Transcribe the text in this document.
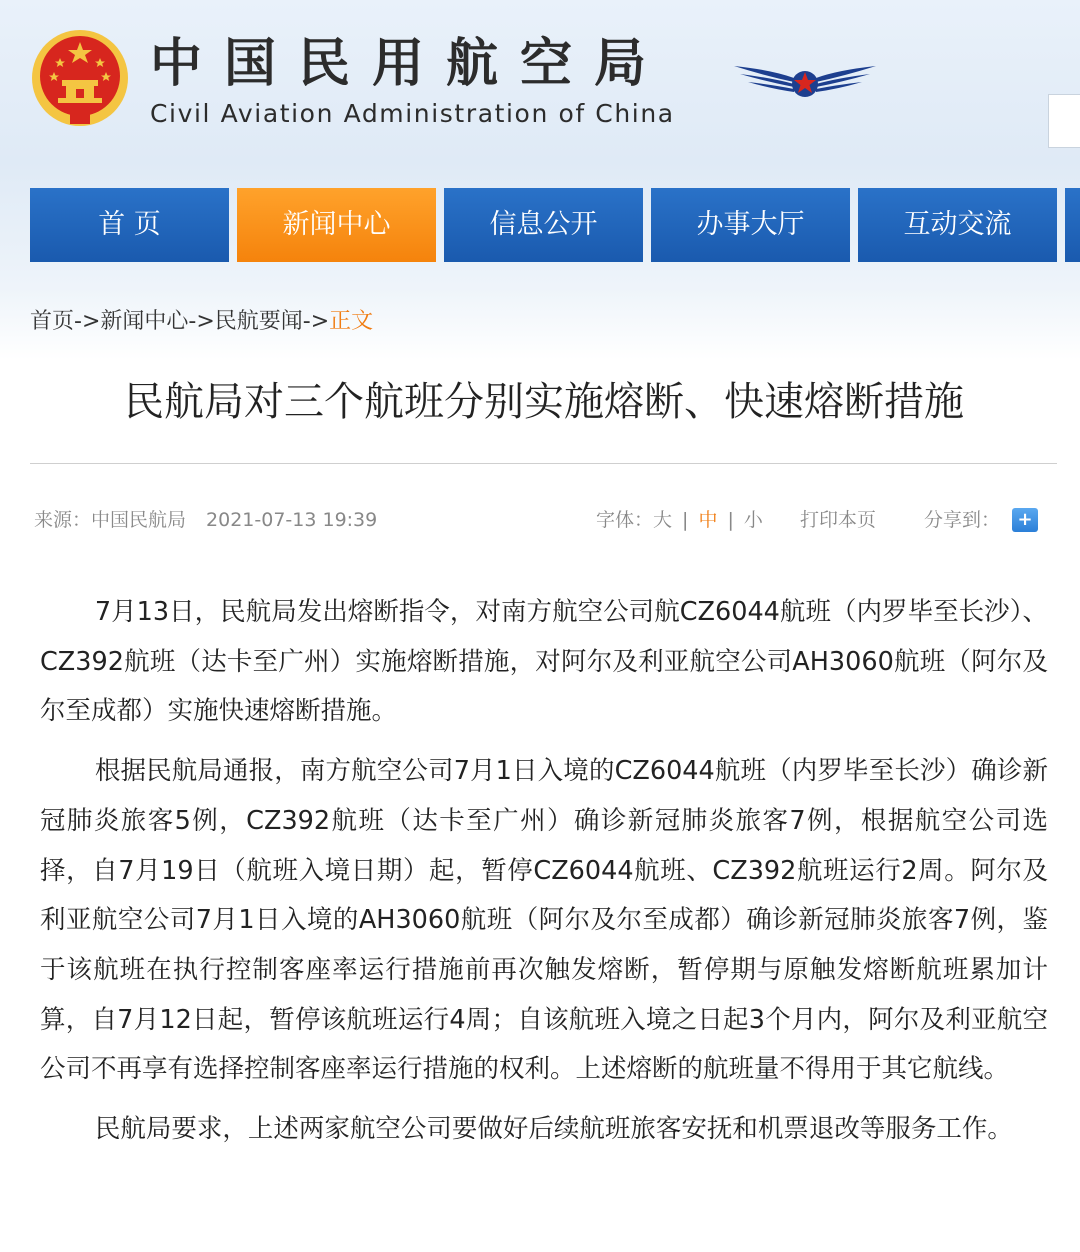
中国民用航空局
Civil Aviation Administration of China
首 页	新闻中心	信息公开	办事大厅	互动交流
首页->新闻中心->民航要闻->正文
民航局对三个航班分别实施熔断、快速熔断措施
来源：中国民航局 2021-07-13 19:39	字体：大 | 中 | 小 打印本页	分享到： +

7月13日，民航局发出熔断指令，对南方航空公司航CZ6044航班（内罗毕至长沙）、CZ392航班（达卡至广州）实施熔断措施，对阿尔及利亚航空公司AH3060航班（阿尔及尔至成都）实施快速熔断措施。

根据民航局通报，南方航空公司7月1日入境的CZ6044航班（内罗毕至长沙）确诊新冠肺炎旅客5例，CZ392航班（达卡至广州）确诊新冠肺炎旅客7例，根据航空公司选择，自7月19日（航班入境日期）起，暂停CZ6044航班、CZ392航班运行2周。阿尔及利亚航空公司7月1日入境的AH3060航班（阿尔及尔至成都）确诊新冠肺炎旅客7例，鉴于该航班在执行控制客座率运行措施前再次触发熔断，暂停期与原触发熔断航班累加计算，自7月12日起，暂停该航班运行4周；自该航班入境之日起3个月内，阿尔及利亚航空公司不再享有选择控制客座率运行措施的权利。上述熔断的航班量不得用于其它航线。

民航局要求，上述两家航空公司要做好后续航班旅客安抚和机票退改等服务工作。
